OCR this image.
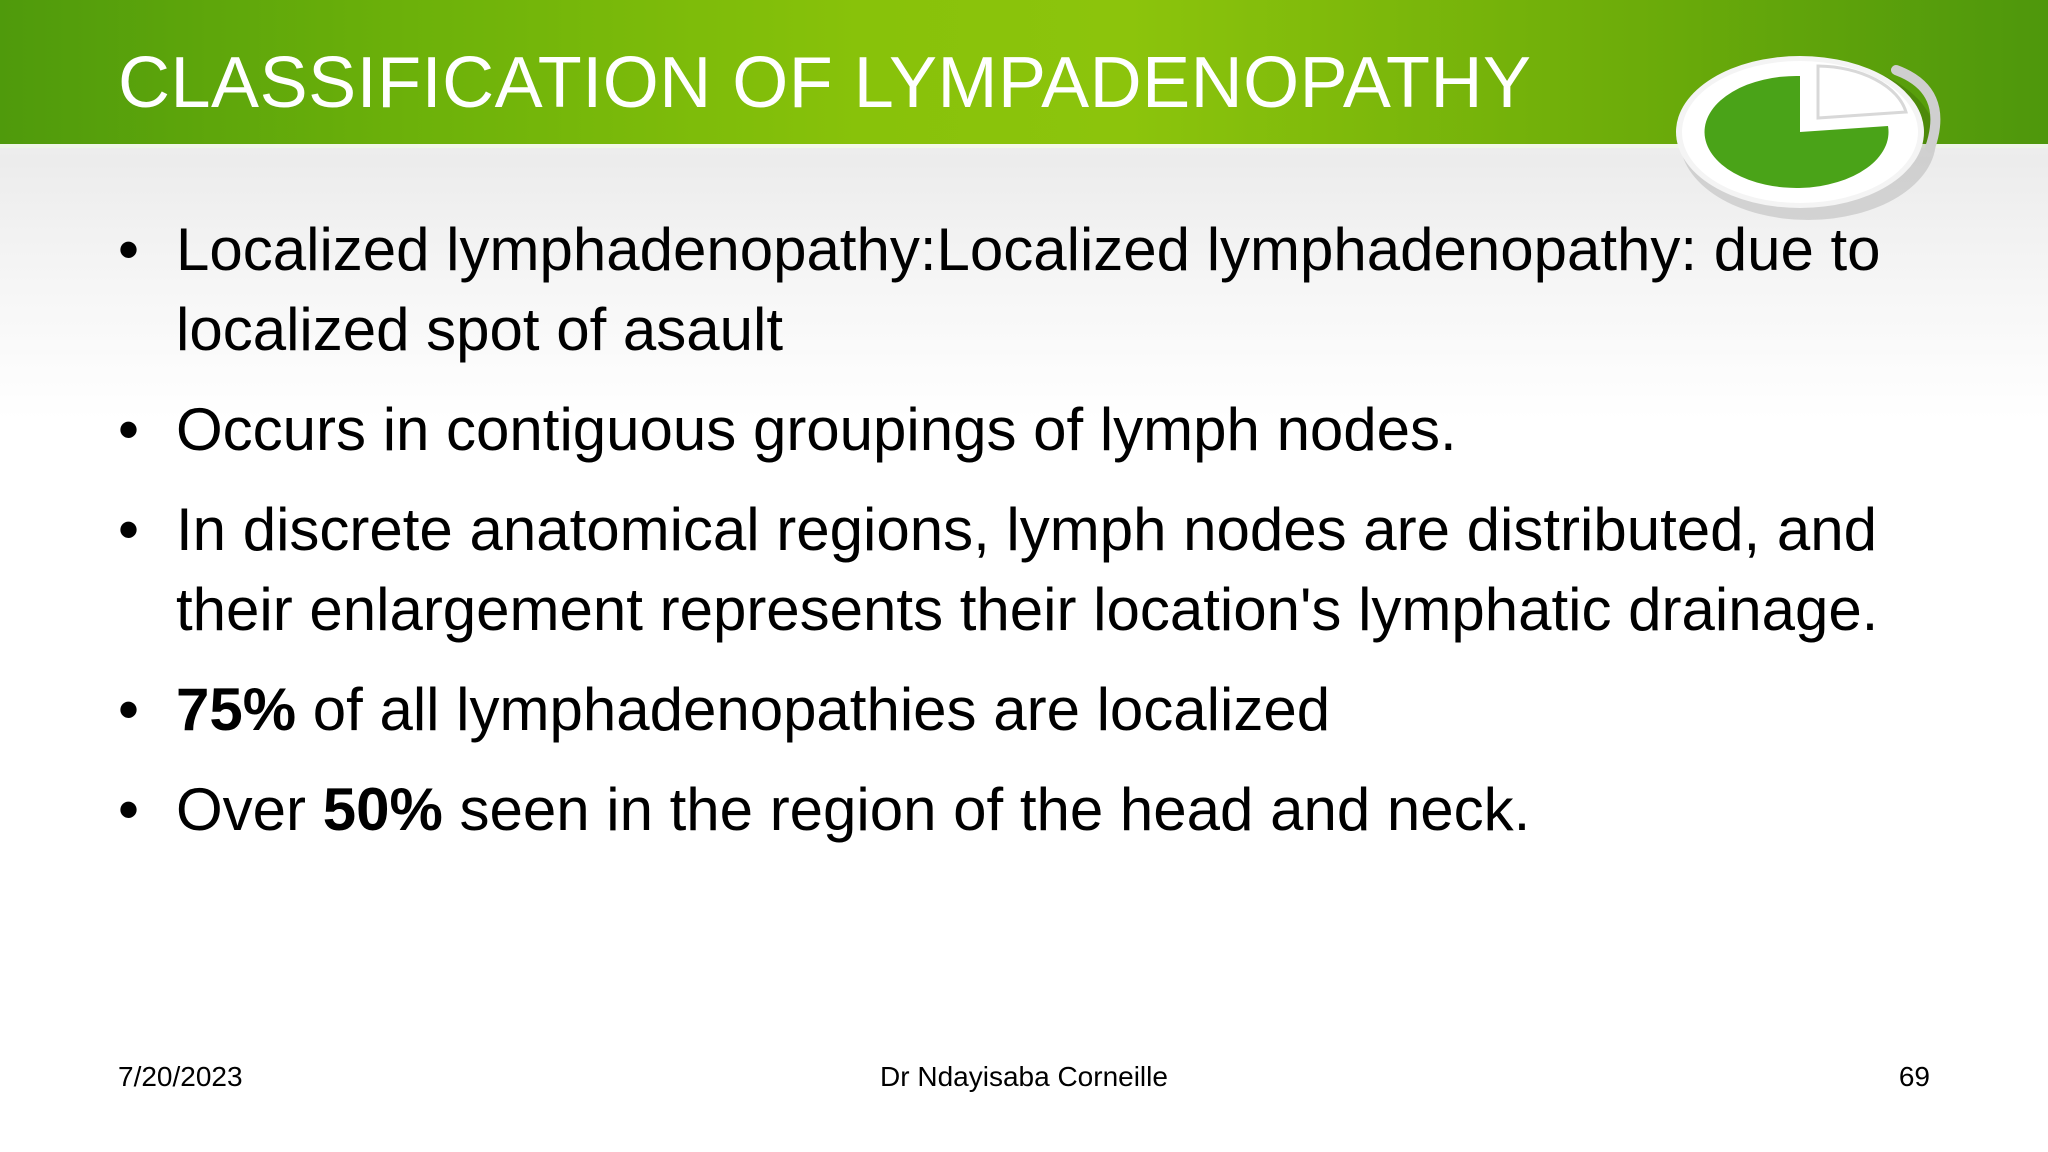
CLASSIFICATION OF LYMPADENOPATHY
• Localized lymphadenopathy:Localized lymphadenopathy: due to localized spot of asault
• Occurs in contiguous groupings of lymph nodes.
• In discrete anatomical regions, lymph nodes are distributed, and their enlargement represents their location's lymphatic drainage.
• 75% of all lymphadenopathies are localized
• Over 50% seen in the region of the head and neck.
Dr Ndayisaba Corneille
7/20/2023	69
